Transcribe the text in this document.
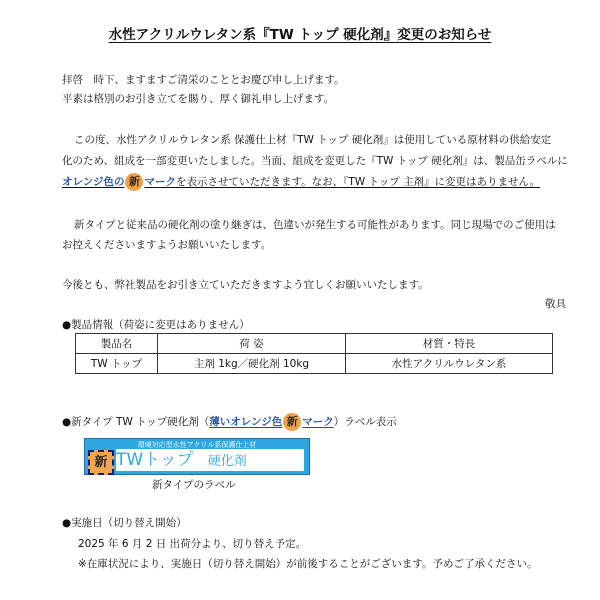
水性アクリルウレタン系『TW トップ 硬化剤』変更のお知らせ
拝啓　時下、ますますご清栄のこととお慶び申し上げます。
平素は格別のお引き立てを賜り、厚く御礼申し上げます。
この度、水性アクリルウレタン系 保護仕上材『TW トップ 硬化剤』は使用している原材料の供給安定
化のため、組成を一部変更いたしました。当面、組成を変更した『TW トップ 硬化剤』は、製品缶ラベルに
オレンジ色の 新 マークを表示させていただきます。なお、『TW トップ 主剤』に変更はありません。
新タイプと従来品の硬化剤の塗り継ぎは、色違いが発生する可能性があります。同じ現場でのご使用は
お控えくださいますようお願いいたします。
今後とも、弊社製品をお引き立ていただきますよう宜しくお願いいたします。
敬具
●製品情報（荷姿に変更はありません）
製品名	荷 姿	材質・特長
TW トップ	主剤 1kg／硬化剤 10kg	水性アクリルウレタン系
●新タイプ TW トップ硬化剤（薄いオレンジ色 新 マーク）ラベル表示
環境対応型水性アクリル系保護仕上材
新 TWトップ 硬化剤
新タイプのラベル
●実施日（切り替え開始）
2025 年 6 月 2 日 出荷分より、切り替え予定。
※在庫状況により、実施日（切り替え開始）が前後することがございます。予めご了承ください。
